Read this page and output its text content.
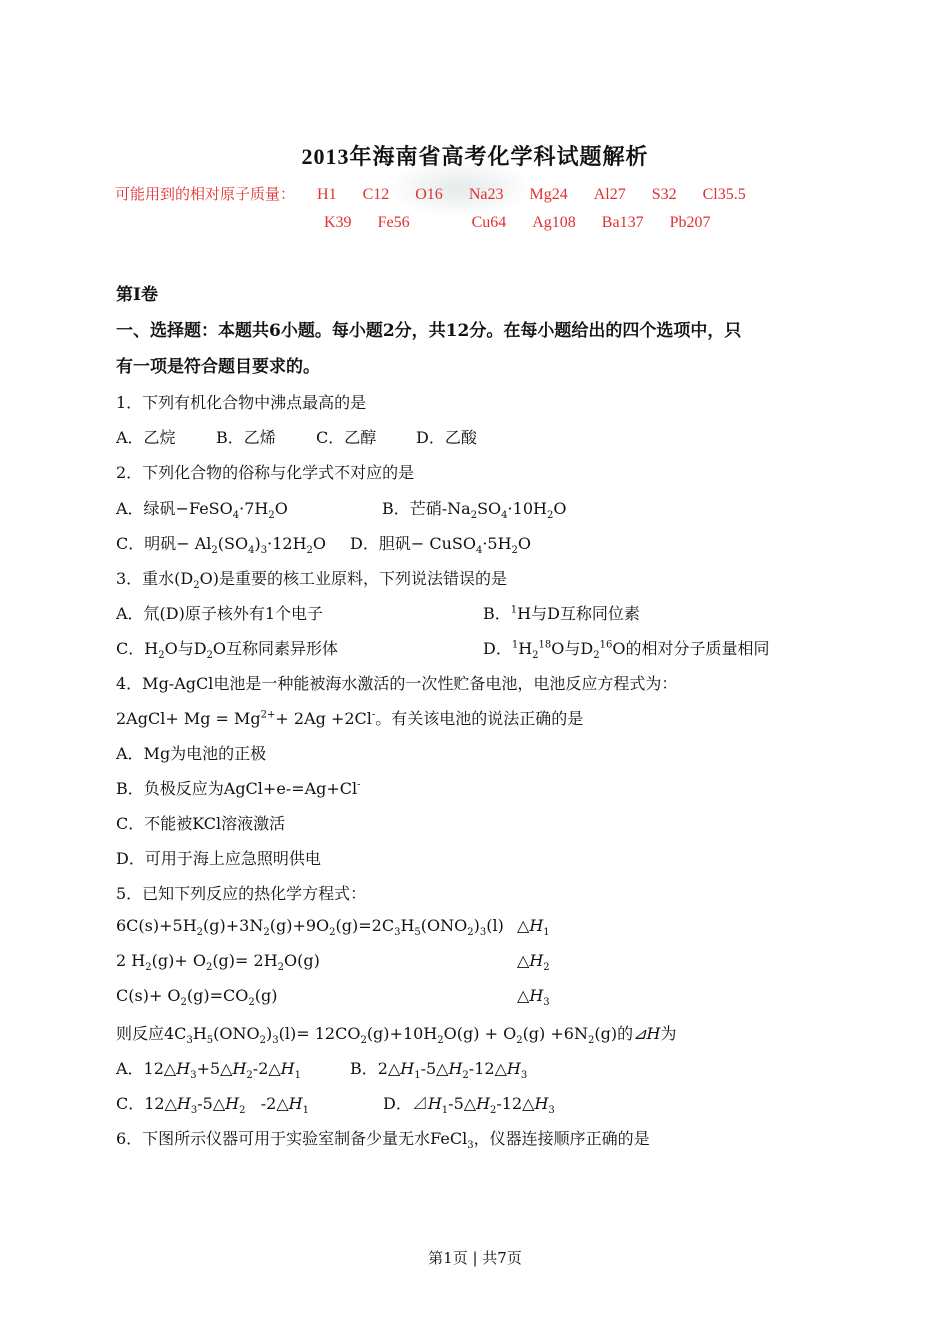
2013年海南省高考化学科试题解析
可能用到的相对原子质量： H1 C12 O16 Na23 Mg24 Al27 S32 Cl35.5
K39 Fe56	Cu64 Ag108 Ba137 Pb207
第I卷
一、选择题：本题共6小题。每小题2分，共12分。在每小题给出的四个选项中，只
有一项是符合题目要求的。
1．下列有机化合物中沸点最高的是
A．乙烷	B．乙烯	C．乙醇 D．乙酸
2．下列化合物的俗称与化学式不对应的是
A．绿矾$-FeSO_4\cdot 7H_2O$	B．芒硝$-Na_2SO_4\cdot 10H_2O$
C．明矾− $Al_2(SO_4)_3\cdot 12H_2O$ D．胆矾− $CuSO_4\cdot 5H_2O$
3．重水$(D_2O)$是重要的核工业原料，下列说法错误的是
A．氘(D)原子核外有1个电子	B．$^1$H与D互称同位素
C．$H_2O$与$D_2O$互称同素异形体	D．$^1H_2^{18}O$与$D_2^{16}O$的相对分子质量相同
4．Mg-AgCl电池是一种能被海水激活的一次性贮备电池，电池反应方程式为：
2AgCl+ $Mg = Mg^{2+}+ 2Ag +2Cl^-$。有关该电池的说法正确的是
A．Mg为电池的正极
B．负极反应为AgCl+e-=Ag+Cl-
C．不能被KCl溶液激活
D．可用于海上应急照明供电
5．已知下列反应的热化学方程式：
$6C(s)+5H_2(g)+3N_2(g)+9O_2(g)=2C_3H_5(ONO_2)_3(l)$ $\triangle H_1$
2 $H_2(g)+ O_2(g)= 2H_2O(g)$	$\triangle H_2$
$C(s)+ O_2(g)=CO_2(g)$	$\triangle H_3$
则反应$4C_3H_5(ONO_2)_3(l)= 12CO_2(g)+10H_2O(g) + O_2(g) +6N_2(g)$的⊿H为
A．$12\triangle H_3+5\triangle H_2-2\triangle H_1$	B．$2\triangle H_1-5\triangle H_2-12\triangle H_3$
C．$12\triangle H_3-5\triangle H_2$   $-2\triangle H_1$	D．$⊿H_1-5\triangle H_2-12\triangle H_3$
6．下图所示仪器可用于实验室制备少量无水FeCl$_3$，仪器连接顺序正确的是
第1页 | 共7页
